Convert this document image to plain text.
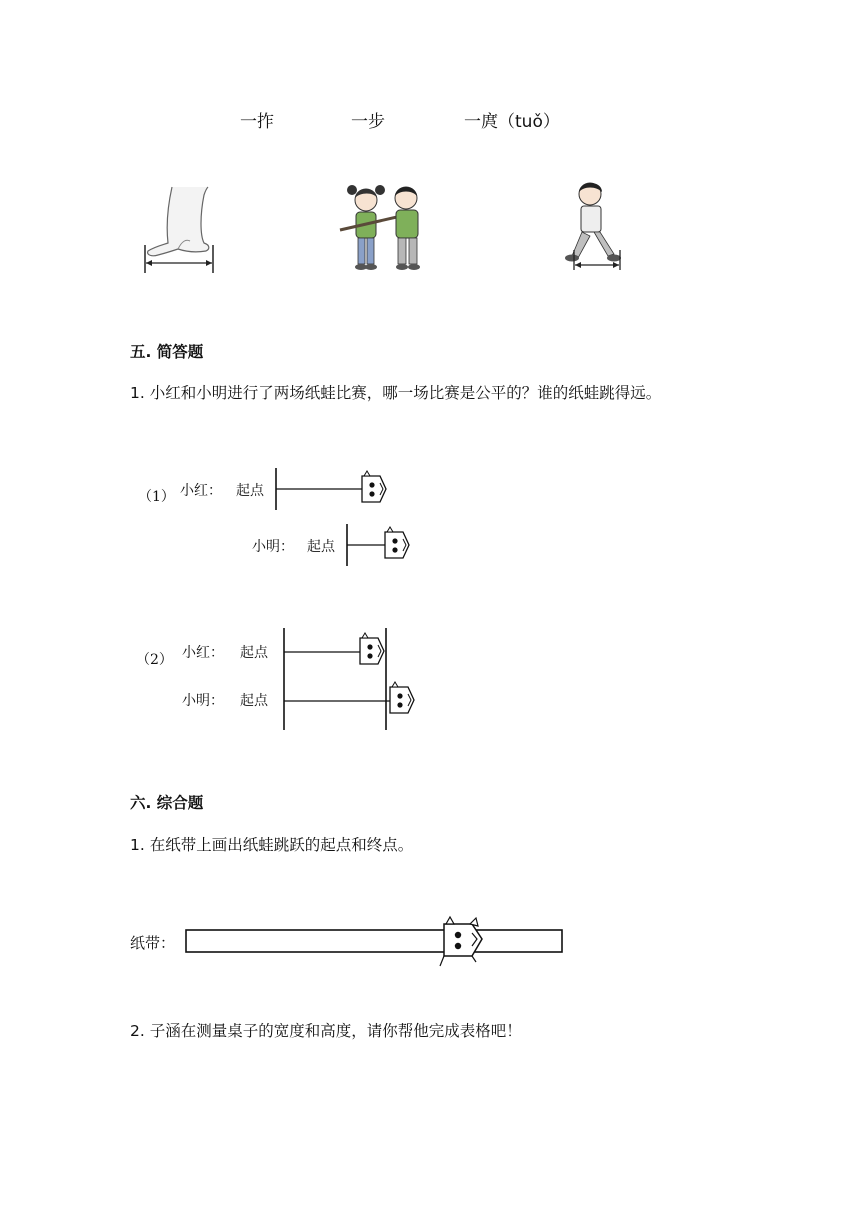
一拃	一步	一庹（tuǒ）
五. 简答题
1. 小红和小明进行了两场纸蛙比赛，哪一场比赛是公平的？谁的纸蛙跳得远。
（1） 小红： 起点
小明： 起点
（2） 小红： 起点
小明： 起点
六. 综合题
1. 在纸带上画出纸蛙跳跃的起点和终点。
纸带：
2. 子涵在测量桌子的宽度和高度，请你帮他完成表格吧！
